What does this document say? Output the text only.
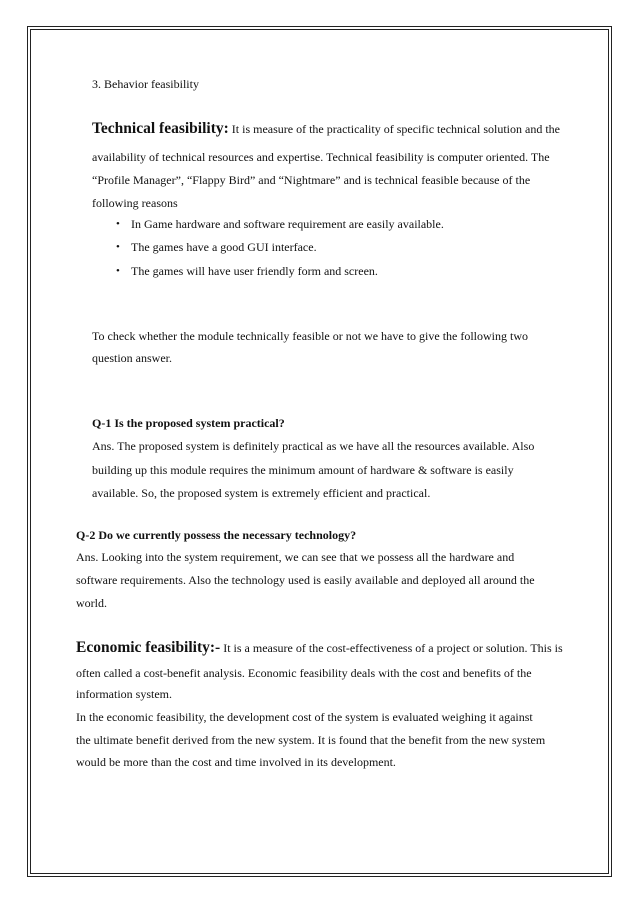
3. Behavior feasibility
Technical feasibility: It is measure of the practicality of specific technical solution and the
availability of technical resources and expertise. Technical feasibility is computer oriented. The
“Profile Manager”, “Flappy Bird” and “Nightmare” and is technical feasible because of the
following reasons
• In Game hardware and software requirement are easily available.
• The games have a good GUI interface.
• The games will have user friendly form and screen.
To check whether the module technically feasible or not we have to give the following two
question answer.
Q-1 Is the proposed system practical?
Ans. The proposed system is definitely practical as we have all the resources available. Also
building up this module requires the minimum amount of hardware & software is easily
available. So, the proposed system is extremely efficient and practical.
Q-2 Do we currently possess the necessary technology?
Ans. Looking into the system requirement, we can see that we possess all the hardware and
software requirements. Also the technology used is easily available and deployed all around the
world.
Economic feasibility:- It is a measure of the cost-effectiveness of a project or solution. This is
often called a cost-benefit analysis. Economic feasibility deals with the cost and benefits of the
information system.
In the economic feasibility, the development cost of the system is evaluated weighing it against
the ultimate benefit derived from the new system. It is found that the benefit from the new system
would be more than the cost and time involved in its development.
